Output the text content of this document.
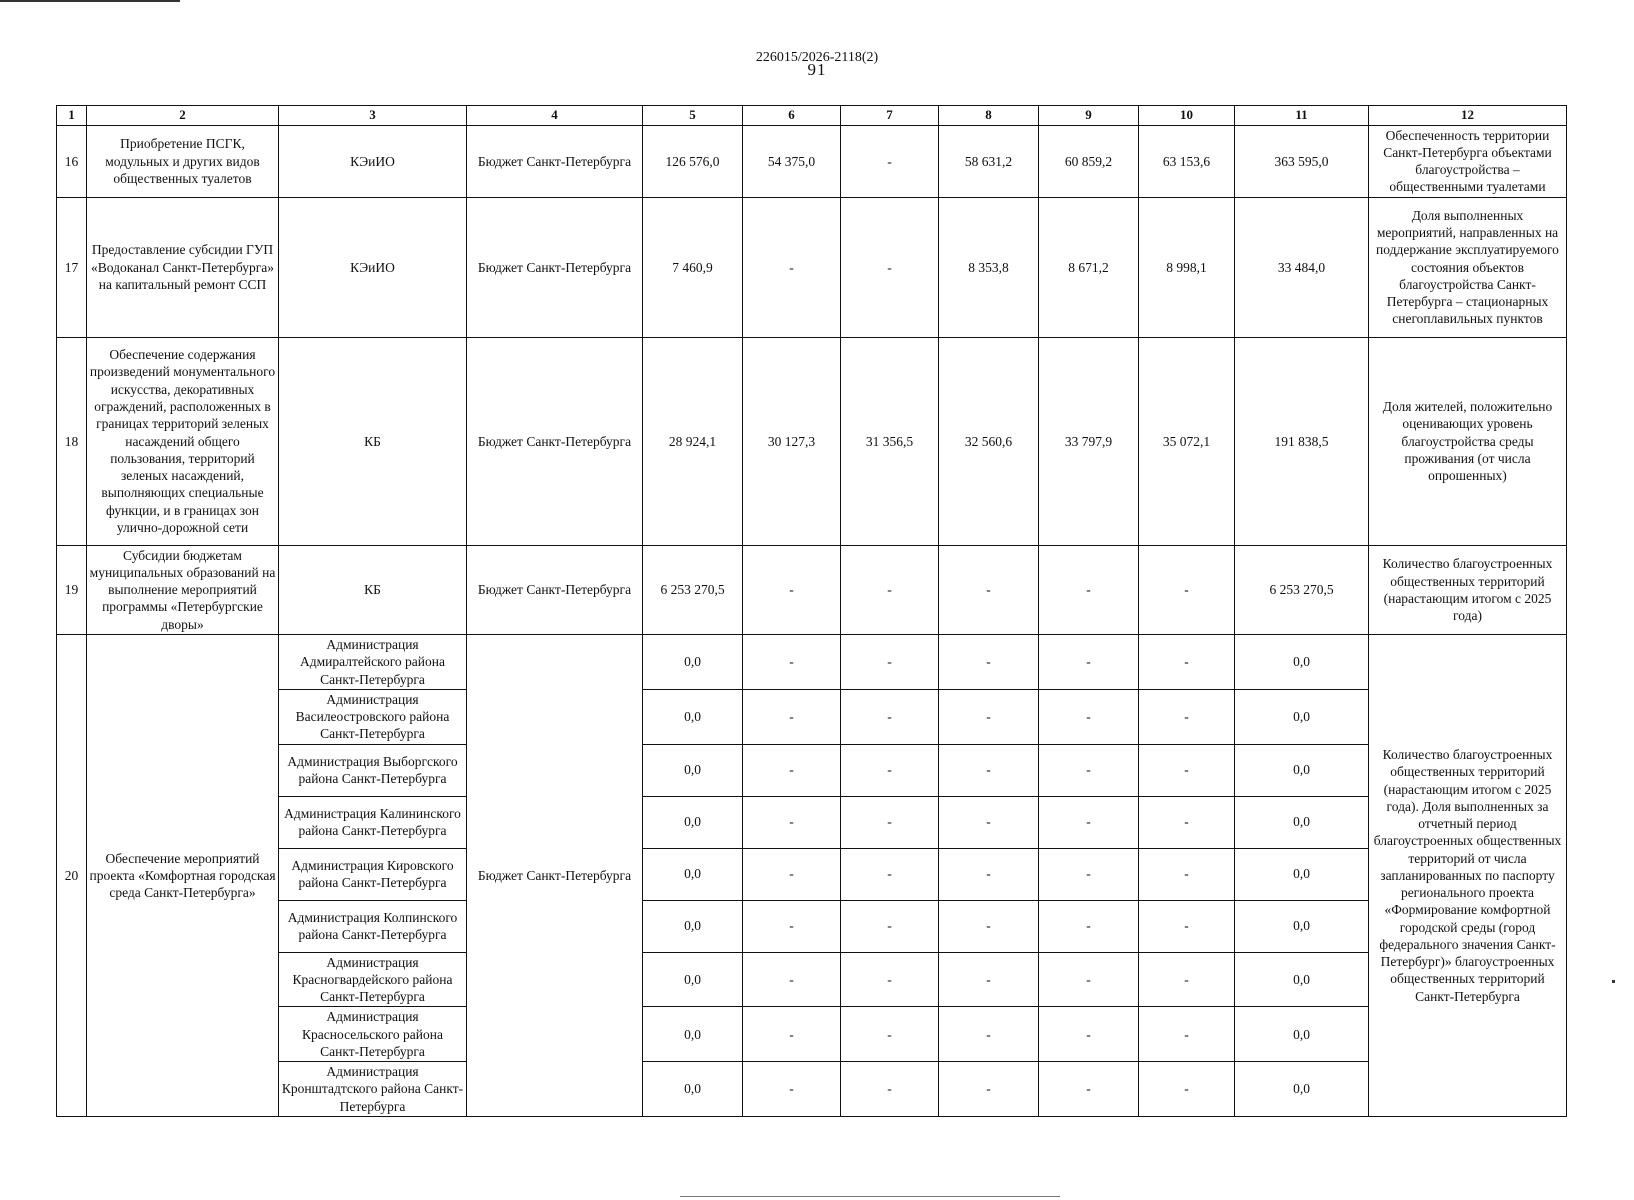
226015/2026-2118(2)
91
1	2	3	4	5	6	7	8	9	10	11	12
16	Приобретение ПСГК, модульных и других видов общественных туалетов	КЭиИО	Бюджет Санкт-Петербурга	126 576,0	54 375,0	-	58 631,2	60 859,2	63 153,6	363 595,0	Обеспеченность территории Санкт-Петербурга объектами благоустройства – общественными туалетами
17	Предоставление субсидии ГУП «Водоканал Санкт-Петербурга» на капитальный ремонт ССП	КЭиИО	Бюджет Санкт-Петербурга	7 460,9	-	-	8 353,8	8 671,2	8 998,1	33 484,0	Доля выполненных мероприятий, направленных на поддержание эксплуатируемого состояния объектов благоустройства Санкт-Петербурга – стационарных снегоплавильных пунктов
18	Обеспечение содержания произведений монументального искусства, декоративных ограждений, расположенных в границах территорий зеленых насаждений общего пользования, территорий зеленых насаждений, выполняющих специальные функции, и в границах зон улично-дорожной сети	КБ	Бюджет Санкт-Петербурга	28 924,1	30 127,3	31 356,5	32 560,6	33 797,9	35 072,1	191 838,5	Доля жителей, положительно оценивающих уровень благоустройства среды проживания (от числа опрошенных)
19	Субсидии бюджетам муниципальных образований на выполнение мероприятий программы «Петербургские дворы»	КБ	Бюджет Санкт-Петербурга	6 253 270,5	-	-	-	-	-	6 253 270,5	Количество благоустроенных общественных территорий (нарастающим итогом с 2025 года)
20	Обеспечение мероприятий проекта «Комфортная городская среда Санкт-Петербурга»	Администрация Адмиралтейского района Санкт-Петербурга	Бюджет Санкт-Петербурга	0,0	-	-	-	-	-	0,0	Количество благоустроенных общественных территорий (нарастающим итогом с 2025 года). Доля выполненных за отчетный период благоустроенных общественных территорий от числа запланированных по паспорту регионального проекта «Формирование комфортной городской среды (город федерального значения Санкт-Петербург)» благоустроенных общественных территорий Санкт-Петербурга
		Администрация Василеостровского района Санкт-Петербурга		0,0	-	-	-	-	-	0,0	
		Администрация Выборгского района Санкт-Петербурга		0,0	-	-	-	-	-	0,0	
		Администрация Калининского района Санкт-Петербурга		0,0	-	-	-	-	-	0,0	
		Администрация Кировского района Санкт-Петербурга		0,0	-	-	-	-	-	0,0	
		Администрация Колпинского района Санкт-Петербурга		0,0	-	-	-	-	-	0,0	
		Администрация Красногвардейского района Санкт-Петербурга		0,0	-	-	-	-	-	0,0	
		Администрация Красносельского района Санкт-Петербурга		0,0	-	-	-	-	-	0,0	
		Администрация Кронштадтского района Санкт-Петербурга		0,0	-	-	-	-	-	0,0	
